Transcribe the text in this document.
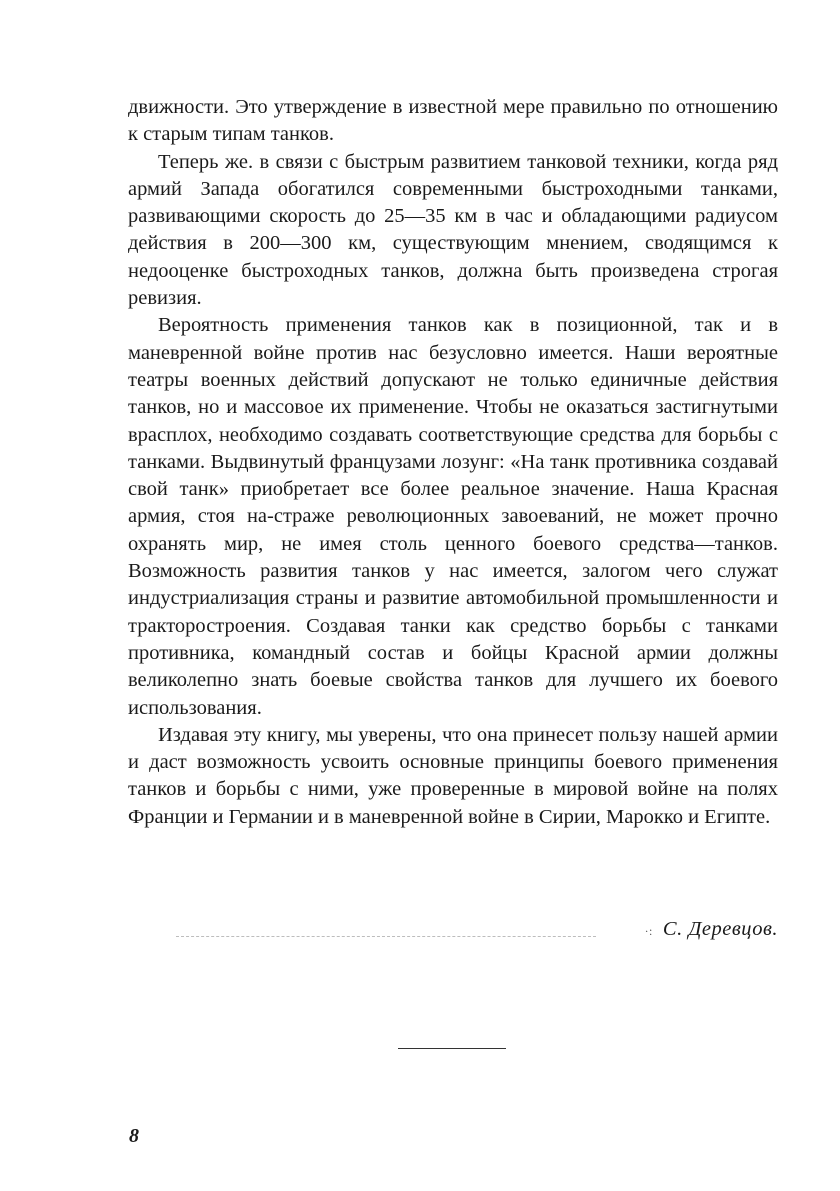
движности. Это утверждение в известной мере правильно по отношению к старым типам танков.

Теперь же. в связи с быстрым развитием танковой техники, когда ряд армий Запада обогатился современными быстроходными танками, развивающими скорость до 25—35 км в час и обладающими радиусом действия в 200—300 км, существующим мнением, сводящимся к недооценке быстроходных танков, должна быть произведена строгая ревизия.

Вероятность применения танков как в позиционной, так и в маневренной войне против нас безусловно имеется. Наши вероятные театры военных действий допускают не только единичные действия танков, но и массовое их применение. Чтобы не оказаться застигнутыми врасплох, необходимо создавать соответствующие средства для борьбы с танками. Выдвинутый французами лозунг: «На танк противника создавай свой танк» приобретает все более реальное значение. Наша Красная армия, стоя на-страже революционных завоеваний, не может прочно охранять мир, не имея столь ценного боевого средства—танков. Возможность развития танков у нас имеется, залогом чего служат индустриализация страны и развитие автомобильной промышленности и тракторостроения. Создавая танки как средство борьбы с танками противника, командный состав и бойцы Красной армии должны великолепно знать боевые свойства танков для лучшего их боевого использования.

Издавая эту книгу, мы уверены, что она принесет пользу нашей армии и даст возможность усвоить основные принципы боевого применения танков и борьбы с ними, уже проверенные в мировой войне на полях Франции и Германии и в маневренной войне в Сирии, Марокко и Египте.

·: С. Деревцов.
8
